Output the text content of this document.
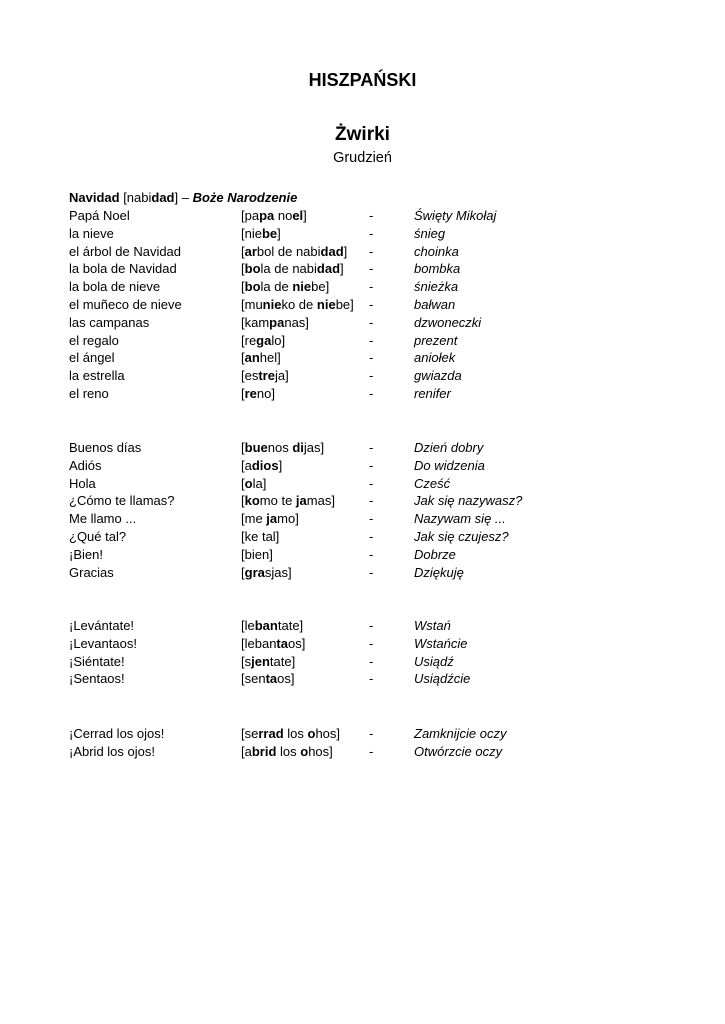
HISZPAŃSKI
Żwirki
Grudzień
Navidad [nabidad] – Boże Narodzenie
Papá Noel	[papa noel]	-	Święty Mikołaj
la nieve	[niebe]	-	śnieg
el árbol de Navidad	[arbol de nabidad] -	choinka
la bola de Navidad	[bola de nabidad] -	bombka
la bola de nieve	[bola de niebe]	-	śnieżka
el muñeco de nieve	[munieko de niebe] -	bałwan
las campanas	[kampanas]	-	dzwoneczki
el regalo	[regalo]	-	prezent
el ángel	[anhel]	-	aniołek
la estrella	[estreja]	-	gwiazda
el reno	[reno]	-	renifer
Buenos días	[buenos dijas]	-	Dzień dobry
Adiós	[adios]	-	Do widzenia
Hola	[ola]	-	Cześć
¿Cómo te llamas?	[komo te jamas]	-	Jak się nazywasz?
Me llamo ...	[me jamo]	-	Nazywam się ...
¿Qué tal?	[ke tal]	-	Jak się czujesz?
¡Bien!	[bien]	-	Dobrze
Gracias	[grasjas]	-	Dziękuję
¡Levántate!	[lebantate]	-	Wstań
¡Levantaos!	[lebantaos]	-	Wstańcie
¡Siéntate!	[sjentate]	-	Usiądź
¡Sentaos!	[sentaos]	-	Usiądźcie
¡Cerrad los ojos!	[serrad los ohos] -	Zamknijcie oczy
¡Abrid los ojos!	[abrid los ohos]	-	Otwórzcie oczy
